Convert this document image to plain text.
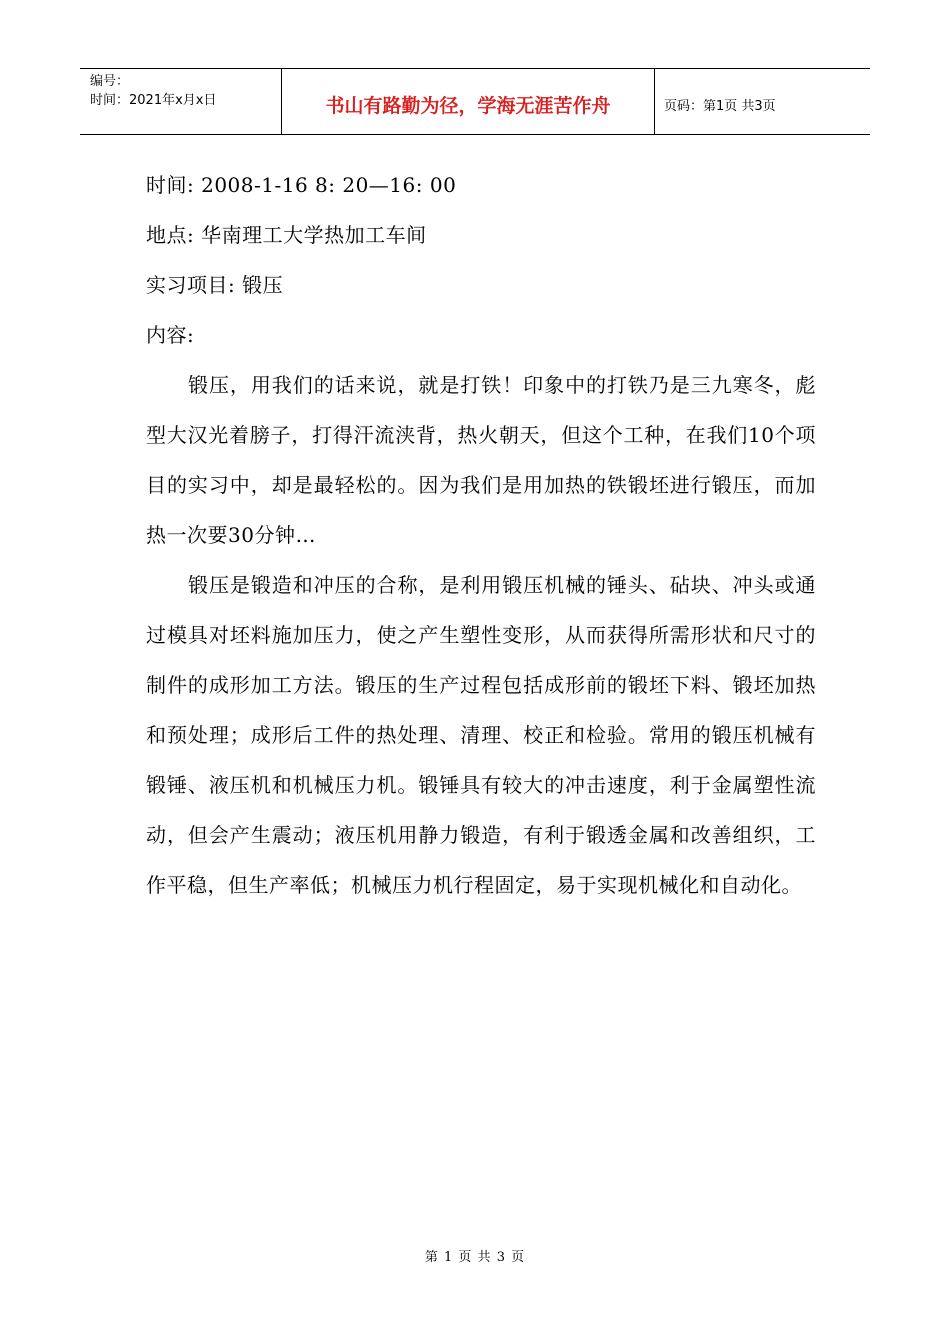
编号：
时间：2021年x月x日	书山有路勤为径，学海无涯苦作舟	页码：第1页 共3页
时间: 2008-1-16 8: 20—16: 00
地点: 华南理工大学热加工车间
实习项目: 锻压
内容:

锻压，用我们的话来说，就是打铁！印象中的打铁乃是三九寒冬，彪型大汉光着膀子，打得汗流浃背，热火朝天，但这个工种，在我们10个项目的实习中，却是最轻松的。因为我们是用加热的铁锻坯进行锻压，而加热一次要30分钟…

锻压是锻造和冲压的合称，是利用锻压机械的锤头、砧块、冲头或通过模具对坯料施加压力，使之产生塑性变形，从而获得所需形状和尺寸的制件的成形加工方法。锻压的生产过程包括成形前的锻坯下料、锻坯加热和预处理；成形后工件的热处理、清理、校正和检验。常用的锻压机械有锻锤、液压机和机械压力机。锻锤具有较大的冲击速度，利于金属塑性流动，但会产生震动；液压机用静力锻造，有利于锻透金属和改善组织，工作平稳，但生产率低；机械压力机行程固定，易于实现机械化和自动化。

第 1 页 共 3 页
